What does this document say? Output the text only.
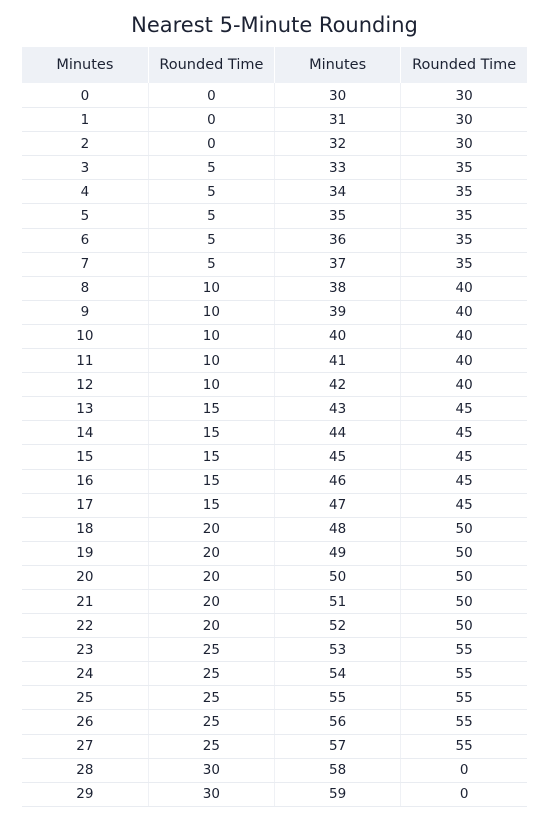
Nearest 5-Minute Rounding
Minutes	Rounded Time	Minutes	Rounded Time
0	0	30	30
1	0	31	30
2	0	32	30
3	5	33	35
4	5	34	35
5	5	35	35
6	5	36	35
7	5	37	35
8	10	38	40
9	10	39	40
10	10	40	40
11	10	41	40
12	10	42	40
13	15	43	45
14	15	44	45
15	15	45	45
16	15	46	45
17	15	47	45
18	20	48	50
19	20	49	50
20	20	50	50
21	20	51	50
22	20	52	50
23	25	53	55
24	25	54	55
25	25	55	55
26	25	56	55
27	25	57	55
28	30	58	0
29	30	59	0
